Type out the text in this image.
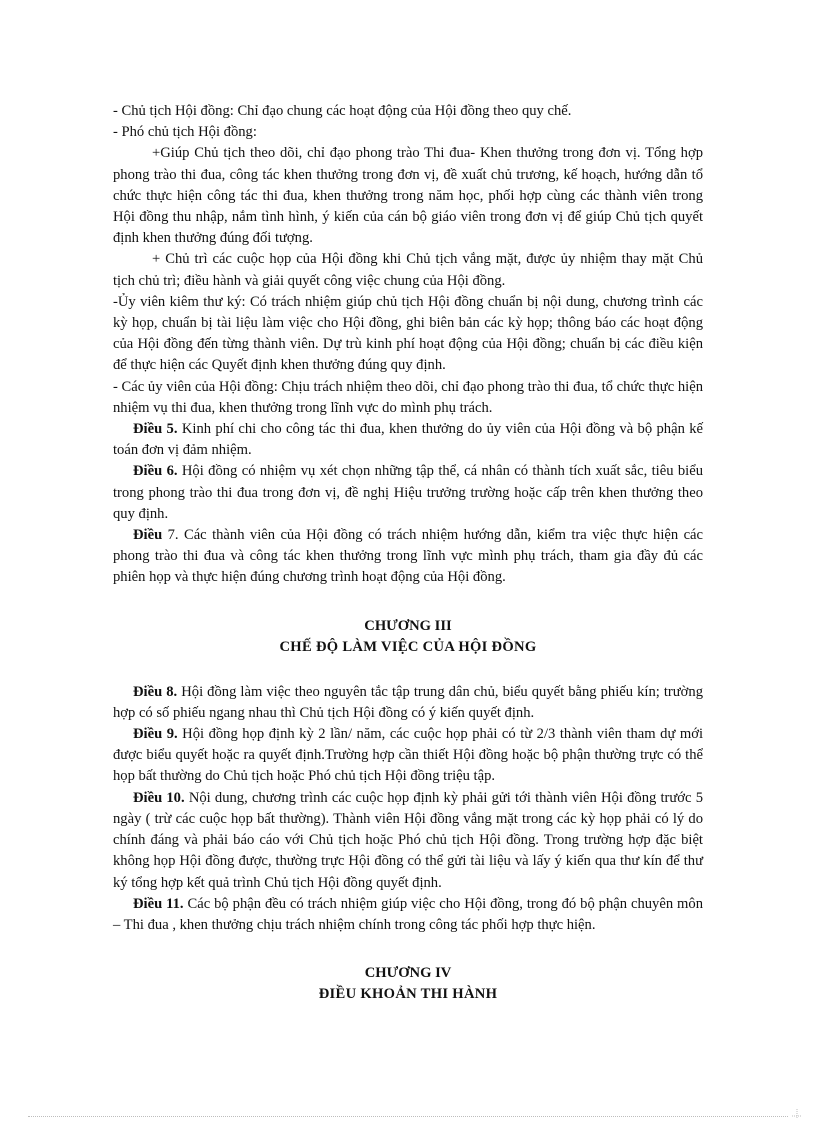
- Chủ tịch Hội đồng: Chỉ đạo chung các hoạt động của Hội đồng theo quy chế.

- Phó chủ tịch Hội đồng:

+Giúp Chủ tịch theo dõi, chỉ đạo phong trào Thi đua- Khen thưởng trong đơn vị. Tổng hợp phong trào thi đua, công tác khen thưởng trong đơn vị, đề xuất chủ trương, kế hoạch, hướng dẫn tổ chức thực hiện công tác thi đua, khen thưởng trong năm học, phối hợp cùng các thành viên trong Hội đồng thu nhập, nắm tình hình, ý kiến của cán bộ giáo viên trong đơn vị để giúp Chủ tịch quyết định khen thưởng đúng đối tượng.

+ Chủ trì các cuộc họp của Hội đồng khi Chủ tịch vắng mặt, được ủy nhiệm thay mặt Chủ tịch chủ trì; điều hành và giải quyết công việc chung của Hội đồng.

-Ủy viên kiêm thư ký: Có trách nhiệm giúp chủ tịch Hội đồng chuẩn bị nội dung, chương trình các kỳ họp, chuẩn bị tài liệu làm việc cho Hội đồng, ghi biên bản các kỳ họp; thông báo các hoạt động của Hội đồng đến từng thành viên. Dự trù kinh phí hoạt động của Hội đồng; chuẩn bị các điều kiện để thực hiện các Quyết định khen thưởng đúng quy định.

- Các ủy viên của Hội đồng: Chịu trách nhiệm theo dõi, chỉ đạo phong trào thi đua, tổ chức thực hiện nhiệm vụ thi đua, khen thưởng trong lĩnh vực do mình phụ trách.

Điều 5. Kinh phí chi cho công tác thi đua, khen thưởng do ủy viên của Hội đồng và bộ phận kế toán đơn vị đảm nhiệm.

Điều 6. Hội đồng có nhiệm vụ xét chọn những tập thể, cá nhân có thành tích xuất sắc, tiêu biểu trong phong trào thi đua trong đơn vị, đề nghị Hiệu trưởng trường hoặc cấp trên khen thưởng theo quy định.

Điều 7. Các thành viên của Hội đồng có trách nhiệm hướng dẫn, kiểm tra việc thực hiện các phong trào thi đua và công tác khen thưởng trong lĩnh vực mình phụ trách, tham gia đầy đủ các phiên họp và thực hiện đúng chương trình hoạt động của Hội đồng.

CHƯƠNG III

CHẾ ĐỘ LÀM VIỆC CỦA HỘI ĐỒNG

Điều 8. Hội đồng làm việc theo nguyên tắc tập trung dân chủ, biểu quyết bằng phiếu kín; trường hợp có số phiếu ngang nhau thì Chủ tịch Hội đồng có ý kiến quyết định.

Điều 9. Hội đồng họp định kỳ 2 lần/ năm, các cuộc họp phải có từ 2/3 thành viên tham dự mới được biểu quyết hoặc ra quyết định.Trường hợp cần thiết Hội đồng hoặc bộ phận thường trực có thể họp bất thường do Chủ tịch hoặc Phó chủ tịch Hội đồng triệu tập.

Điều 10. Nội dung, chương trình các cuộc họp định kỳ phải gửi tới thành viên Hội đồng trước 5 ngày ( trừ các cuộc họp bất thường). Thành viên Hội đồng vắng mặt trong các kỳ họp phải có lý do chính đáng và phải báo cáo với Chủ tịch hoặc Phó chủ tịch Hội đồng. Trong trường hợp đặc biệt không họp Hội đồng được, thường trực Hội đồng có thể gửi tài liệu và lấy ý kiến qua thư kín để thư ký tổng hợp kết quả trình Chủ tịch Hội đồng quyết định.

Điều 11. Các bộ phận đều có trách nhiệm giúp việc cho Hội đồng, trong đó bộ phận chuyên môn – Thi đua , khen thưởng chịu trách nhiệm chính trong công tác phối hợp thực hiện.

CHƯƠNG IV

ĐIỀU KHOẢN THI HÀNH
